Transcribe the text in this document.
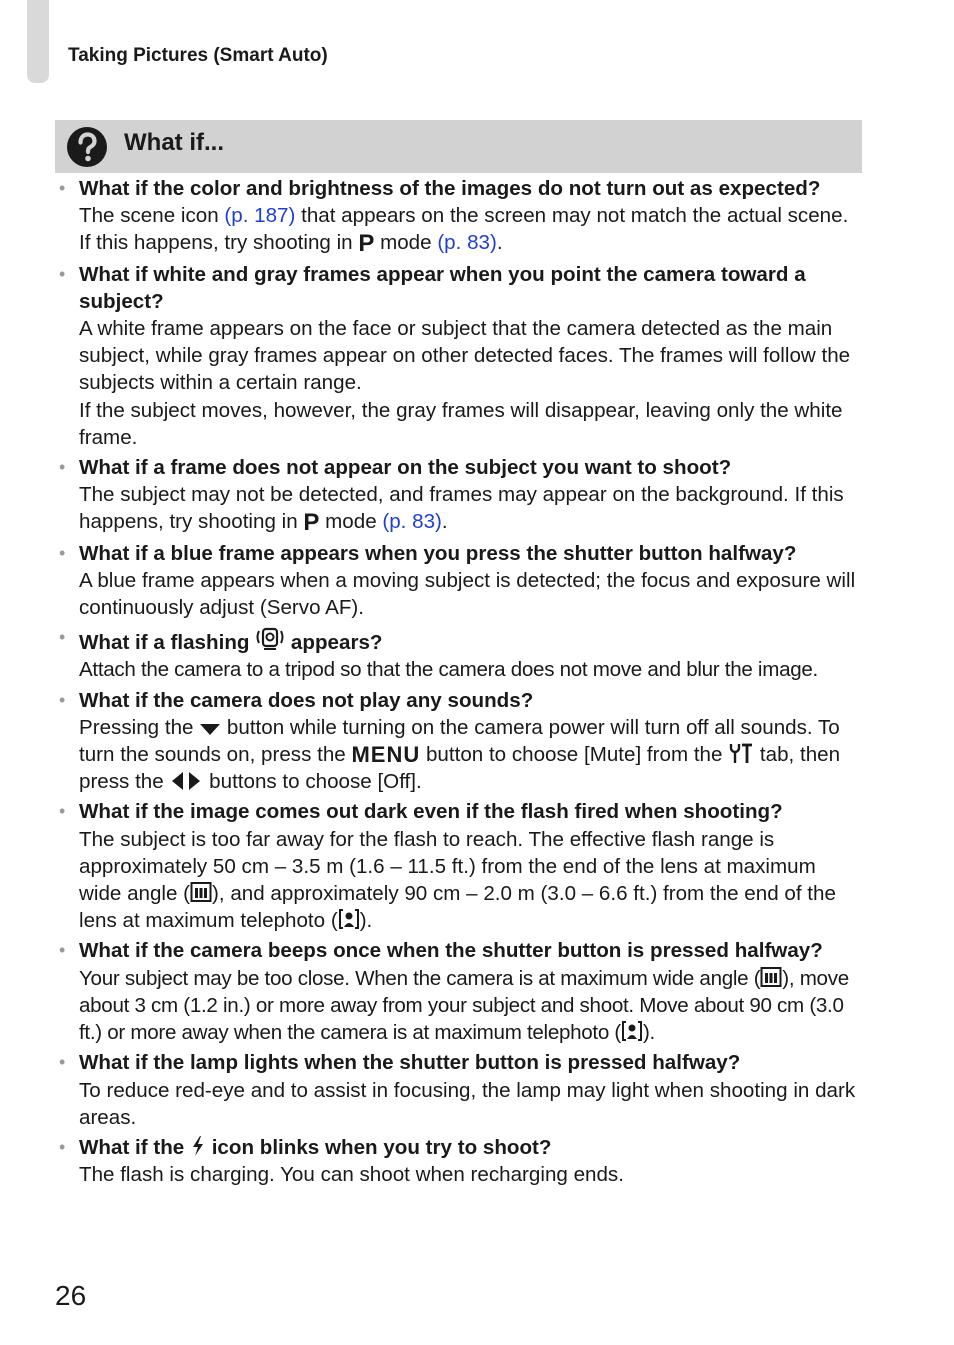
Taking Pictures (Smart Auto)
What if...
• What if the color and brightness of the images do not turn out as expected?
The scene icon (p. 187) that appears on the screen may not match the actual scene. If this happens, try shooting in P mode (p. 83).
• What if white and gray frames appear when you point the camera toward a subject?
A white frame appears on the face or subject that the camera detected as the main subject, while gray frames appear on other detected faces. The frames will follow the subjects within a certain range.
If the subject moves, however, the gray frames will disappear, leaving only the white frame.
• What if a frame does not appear on the subject you want to shoot?
The subject may not be detected, and frames may appear on the background. If this happens, try shooting in P mode (p. 83).
• What if a blue frame appears when you press the shutter button halfway?
A blue frame appears when a moving subject is detected; the focus and exposure will continuously adjust (Servo AF).
• What if a flashing  appears?
Attach the camera to a tripod so that the camera does not move and blur the image.
• What if the camera does not play any sounds?
Pressing the  button while turning on the camera power will turn off all sounds. To turn the sounds on, press the MENU button to choose [Mute] from the  tab, then press the  buttons to choose [Off].
• What if the image comes out dark even if the flash fired when shooting?
The subject is too far away for the flash to reach. The effective flash range is approximately 50 cm – 3.5 m (1.6 – 11.5 ft.) from the end of the lens at maximum wide angle ( ), and approximately 90 cm – 2.0 m (3.0 – 6.6 ft.) from the end of the lens at maximum telephoto ( ).
• What if the camera beeps once when the shutter button is pressed halfway?
Your subject may be too close. When the camera is at maximum wide angle ( ), move about 3 cm (1.2 in.) or more away from your subject and shoot. Move about 90 cm (3.0 ft.) or more away when the camera is at maximum telephoto ( ).
• What if the lamp lights when the shutter button is pressed halfway?
To reduce red-eye and to assist in focusing, the lamp may light when shooting in dark areas.
• What if the  icon blinks when you try to shoot?
The flash is charging. You can shoot when recharging ends.
26
